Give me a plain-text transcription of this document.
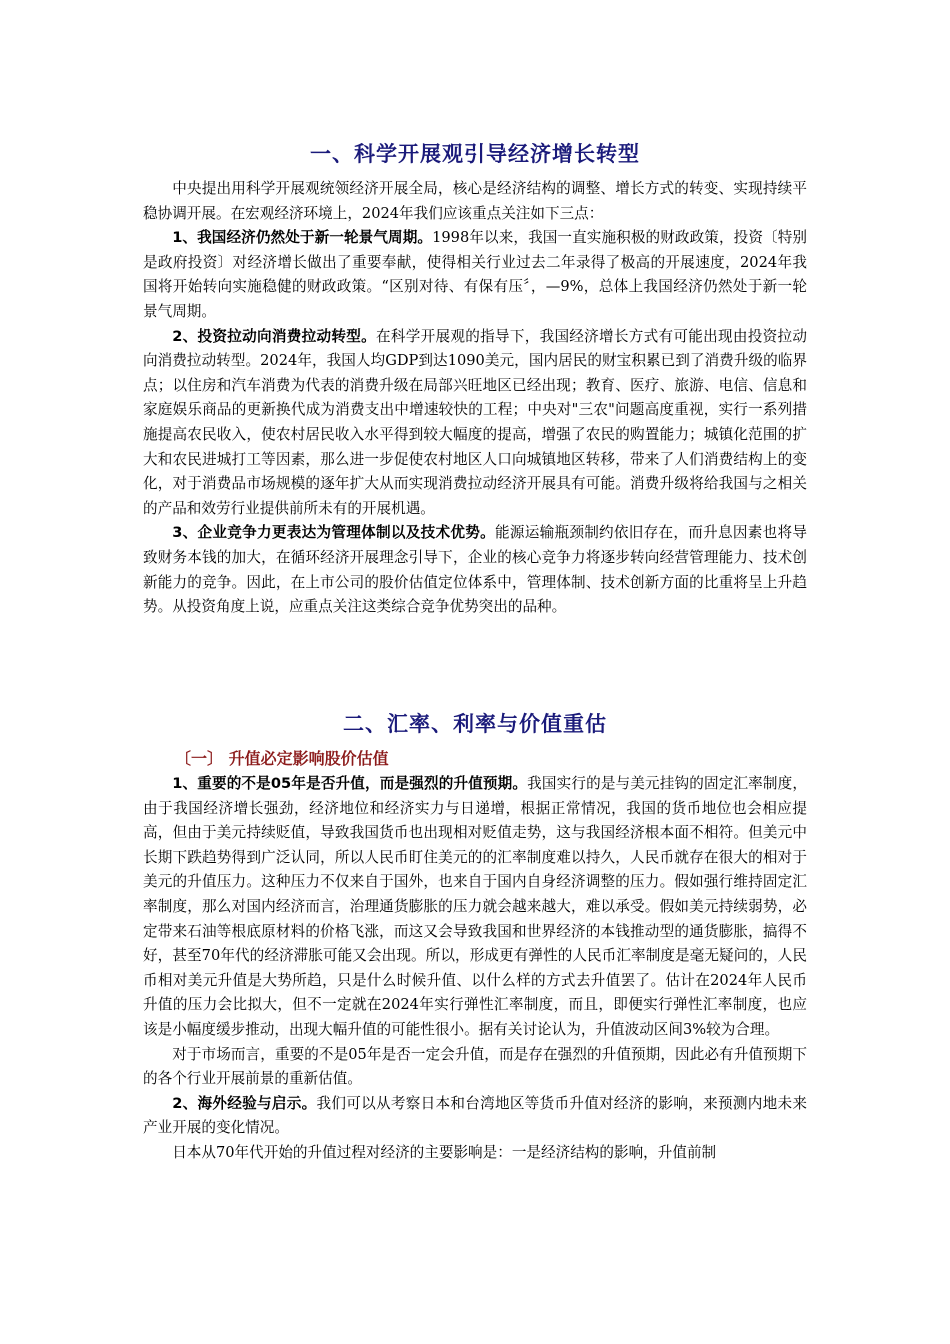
一、科学开展观引导经济增长转型

中央提出用科学开展观统领经济开展全局，核心是经济结构的调整、增长方式的转变、实现持续平稳协调开展。在宏观经济环境上，2024年我们应该重点关注如下三点：

1、我国经济仍然处于新一轮景气周期。1998年以来，我国一直实施积极的财政政策，投资〔特别是政府投资〕对经济增长做出了重要奉献，使得相关行业过去二年录得了极高的开展速度，2024年我国将开始转向实施稳健的财政政策。“区别对待、有保有压〞，—9%，总体上我国经济仍然处于新一轮景气周期。

2、投资拉动向消费拉动转型。在科学开展观的指导下，我国经济增长方式有可能出现由投资拉动向消费拉动转型。2024年，我国人均GDP到达1090美元，国内居民的财宝积累已到了消费升级的临界点；以住房和汽车消费为代表的消费升级在局部兴旺地区已经出现；教育、医疗、旅游、电信、信息和家庭娱乐商品的更新换代成为消费支出中增速较快的工程；中央对"三农"问题高度重视，实行一系列措施提高农民收入，使农村居民收入水平得到较大幅度的提高，增强了农民的购置能力；城镇化范围的扩大和农民进城打工等因素，那么进一步促使农村地区人口向城镇地区转移，带来了人们消费结构上的变化，对于消费品市场规模的逐年扩大从而实现消费拉动经济开展具有可能。消费升级将给我国与之相关的产品和效劳行业提供前所未有的开展机遇。

3、企业竞争力更表达为管理体制以及技术优势。能源运输瓶颈制约依旧存在，而升息因素也将导致财务本钱的加大，在循环经济开展理念引导下，企业的核心竞争力将逐步转向经营管理能力、技术创新能力的竞争。因此，在上市公司的股价估值定位体系中，管理体制、技术创新方面的比重将呈上升趋势。从投资角度上说，应重点关注这类综合竞争优势突出的品种。

二、汇率、利率与价值重估
〔一〕 升值必定影响股价估值

1、重要的不是05年是否升值，而是强烈的升值预期。我国实行的是与美元挂钩的固定汇率制度，由于我国经济增长强劲，经济地位和经济实力与日递增，根据正常情况，我国的货币地位也会相应提高，但由于美元持续贬值，导致我国货币也出现相对贬值走势，这与我国经济根本面不相符。但美元中长期下跌趋势得到广泛认同，所以人民币盯住美元的的汇率制度难以持久，人民币就存在很大的相对于美元的升值压力。这种压力不仅来自于国外，也来自于国内自身经济调整的压力。假如强行维持固定汇率制度，那么对国内经济而言，治理通货膨胀的压力就会越来越大，难以承受。假如美元持续弱势，必定带来石油等根底原材料的价格飞涨，而这又会导致我国和世界经济的本钱推动型的通货膨胀，搞得不好，甚至70年代的经济滞胀可能又会出现。所以，形成更有弹性的人民币汇率制度是毫无疑问的，人民币相对美元升值是大势所趋，只是什么时候升值、以什么样的方式去升值罢了。估计在2024年人民币升值的压力会比拟大，但不一定就在2024年实行弹性汇率制度，而且，即便实行弹性汇率制度，也应该是小幅度缓步推动，出现大幅升值的可能性很小。据有关讨论认为，升值波动区间3%较为合理。

对于市场而言，重要的不是05年是否一定会升值，而是存在强烈的升值预期，因此必有升值预期下的各个行业开展前景的重新估值。

2、海外经验与启示。我们可以从考察日本和台湾地区等货币升值对经济的影响，来预测内地未来产业开展的变化情况。

日本从70年代开始的升值过程对经济的主要影响是：一是经济结构的影响，升值前制
